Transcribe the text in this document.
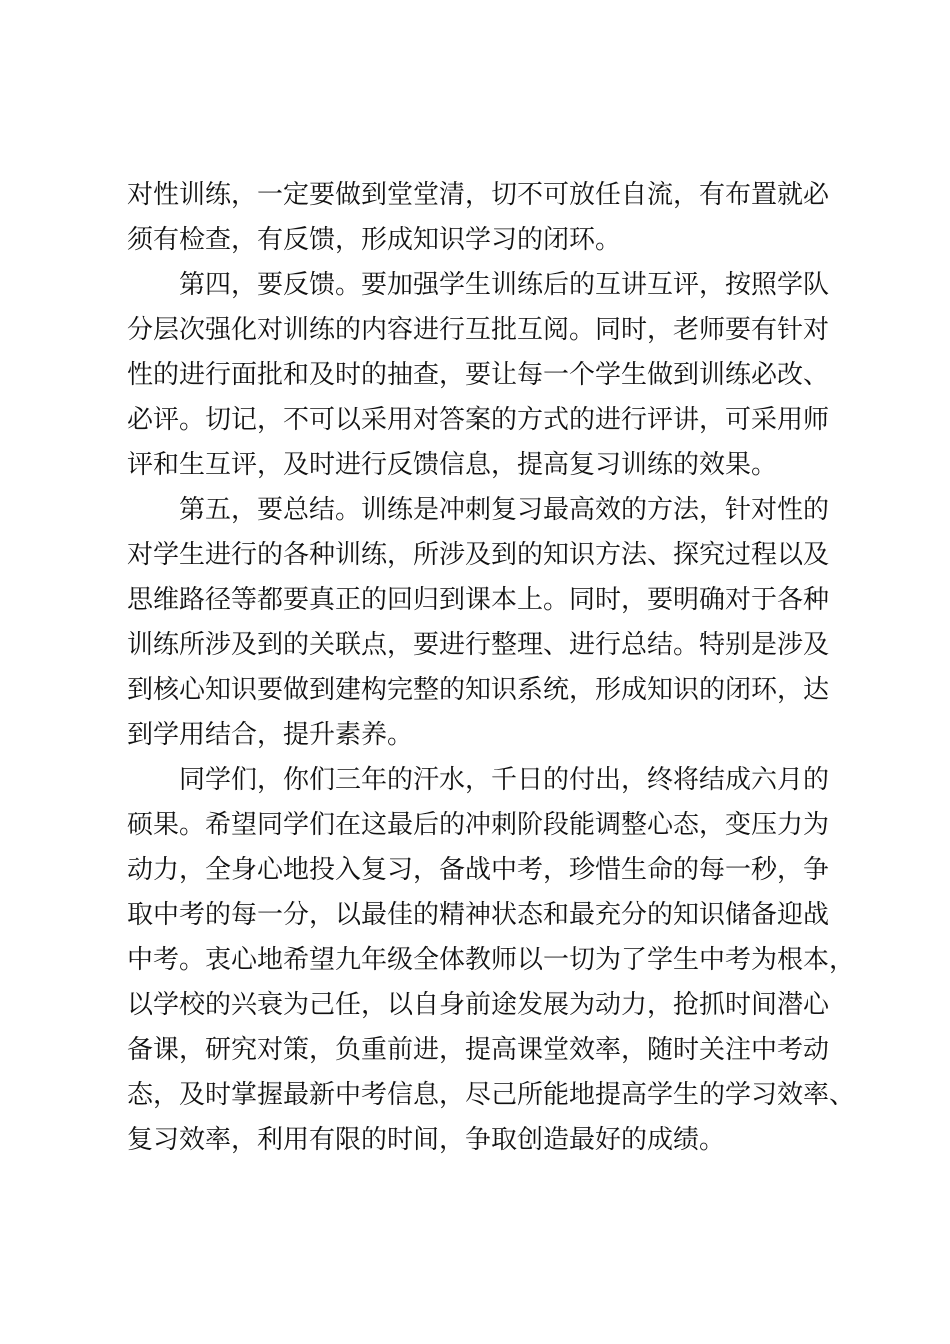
对性训练，一定要做到堂堂清，切不可放任自流，有布置就必
须有检查，有反馈，形成知识学习的闭环。
第四，要反馈。要加强学生训练后的互讲互评，按照学队
分层次强化对训练的内容进行互批互阅。同时，老师要有针对
性的进行面批和及时的抽查，要让每一个学生做到训练必改、
必评。切记，不可以采用对答案的方式的进行评讲，可采用师
评和生互评，及时进行反馈信息，提高复习训练的效果。
第五，要总结。训练是冲刺复习最高效的方法，针对性的
对学生进行的各种训练，所涉及到的知识方法、探究过程以及
思维路径等都要真正的回归到课本上。同时，要明确对于各种
训练所涉及到的关联点，要进行整理、进行总结。特别是涉及
到核心知识要做到建构完整的知识系统，形成知识的闭环，达
到学用结合，提升素养。
同学们，你们三年的汗水，千日的付出，终将结成六月的
硕果。希望同学们在这最后的冲刺阶段能调整心态，变压力为
动力，全身心地投入复习，备战中考，珍惜生命的每一秒，争
取中考的每一分，以最佳的精神状态和最充分的知识储备迎战
中考。衷心地希望九年级全体教师以一切为了学生中考为根本，
以学校的兴衰为己任，以自身前途发展为动力，抢抓时间潜心
备课，研究对策，负重前进，提高课堂效率，随时关注中考动
态，及时掌握最新中考信息，尽己所能地提高学生的学习效率、
复习效率，利用有限的时间，争取创造最好的成绩。
